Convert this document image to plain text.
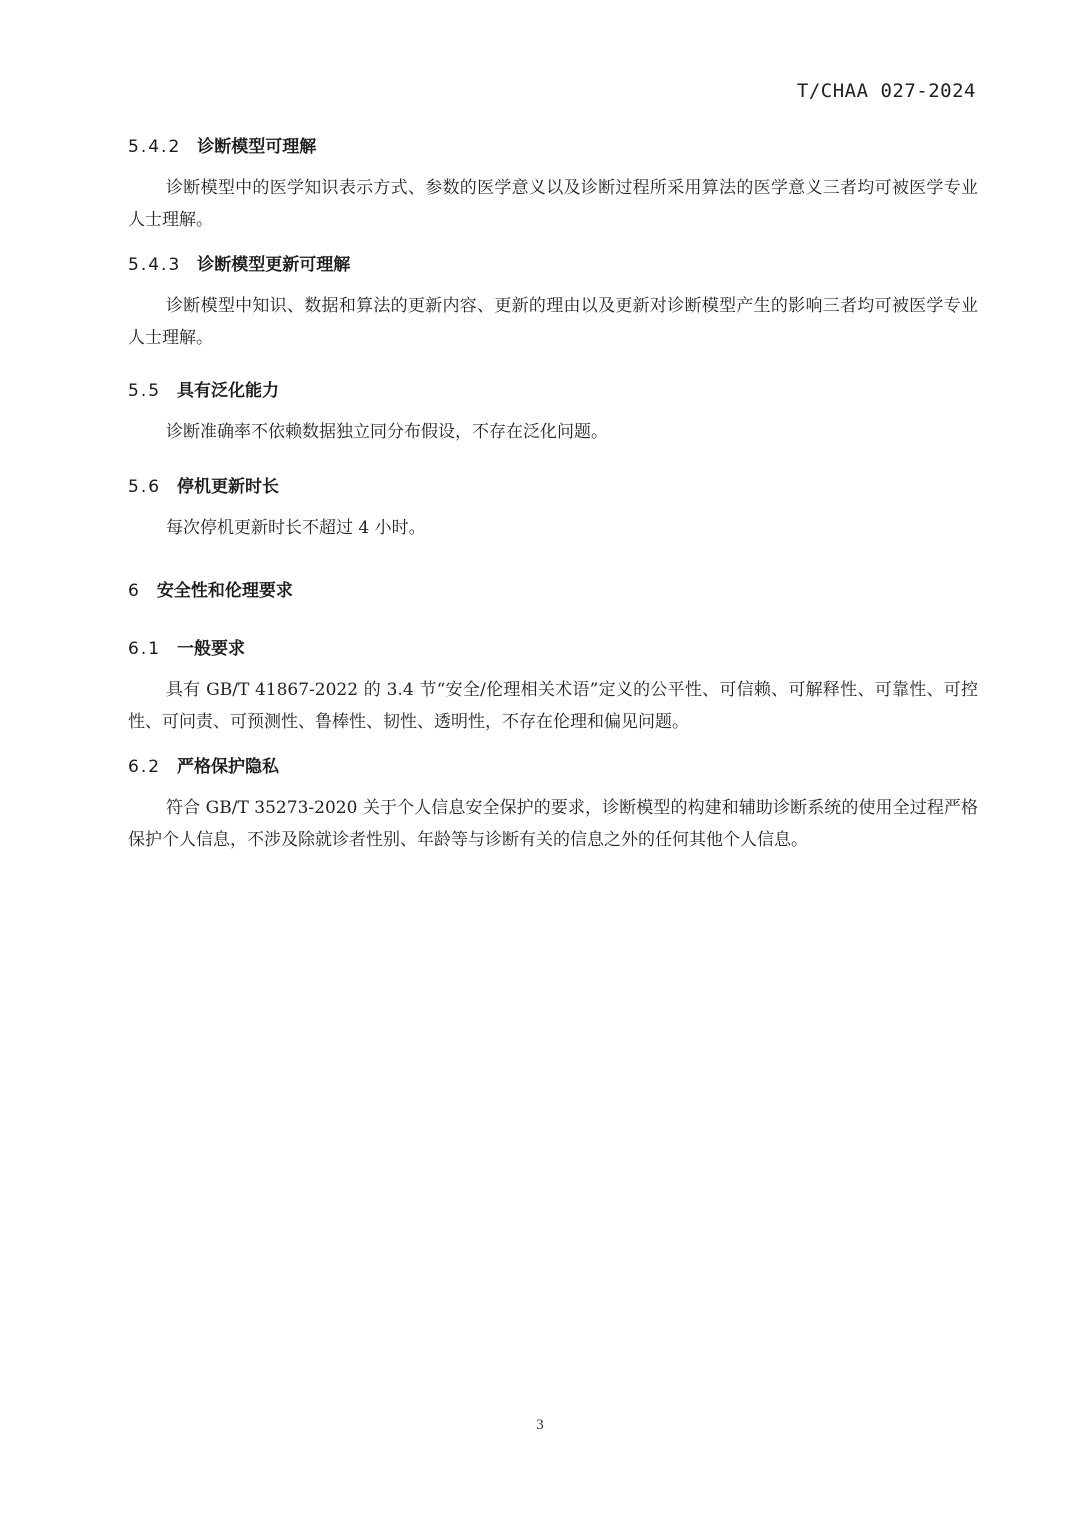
T/CHAA 027-2024
5.4.2 诊断模型可理解

诊断模型中的医学知识表示方式、参数的医学意义以及诊断过程所采用算法的医学意义三者均可被医学专业人士理解。

5.4.3 诊断模型更新可理解

诊断模型中知识、数据和算法的更新内容、更新的理由以及更新对诊断模型产生的影响三者均可被医学专业人士理解。

5.5 具有泛化能力

诊断准确率不依赖数据独立同分布假设，不存在泛化问题。

5.6 停机更新时长

每次停机更新时长不超过 4 小时。

6 安全性和伦理要求
6.1 一般要求

具有 GB/T 41867-2022 的 3.4 节“安全/伦理相关术语”定义的公平性、可信赖、可解释性、可靠性、可控性、可问责、可预测性、鲁棒性、韧性、透明性，不存在伦理和偏见问题。

6.2 严格保护隐私

符合 GB/T 35273-2020 关于个人信息安全保护的要求，诊断模型的构建和辅助诊断系统的使用全过程严格保护个人信息，不涉及除就诊者性别、年龄等与诊断有关的信息之外的任何其他个人信息。

3
